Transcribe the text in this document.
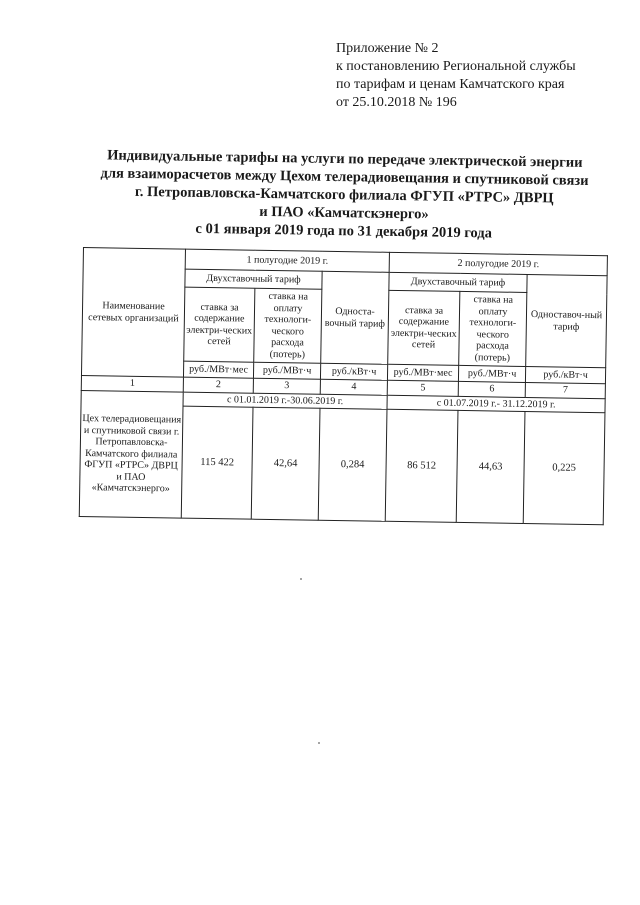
Приложение № 2
к постановлению Региональной службы
по тарифам и ценам Камчатского края
от 25.10.2018 № 196
Индивидуальные тарифы на услуги по передаче электрической энергии
для взаиморасчетов между Цехом телерадиовещания и спутниковой связи
г. Петропавловска-Камчатского филиала ФГУП «РТРС» ДВРЦ
и ПАО «Камчатскэнерго»
с 01 января 2019 года по 31 декабря 2019 года
Наименование сетевых организаций	1 полугодие 2019 г.			2 полугодие 2019 г.		
	Двухставочный тариф		Односта-вочный тариф	Двухставочный тариф		Одноставоч-ный тариф
	ставка за содержание электри-ческих сетей	ставка на оплату технологи-ческого расхода (потерь)		ставка за содержание электри-ческих сетей	ставка на оплату технологи-ческого расхода (потерь)	
	руб./МВт·мес	руб./МВт·ч	руб./кВт·ч	руб./МВт·мес	руб./МВт·ч	руб./кВт·ч
1	2	3	4	5	6	7
Цех телерадиовещания и спутниковой связи г. Петропавловска-Камчатского филиала ФГУП «РТРС» ДВРЦ и ПАО «Камчатскэнерго»	с 01.01.2019 г.-30.06.2019 г.			с 01.07.2019 г.- 31.12.2019 г.		
	115 422	42,64	0,284	86 512	44,63	0,225
